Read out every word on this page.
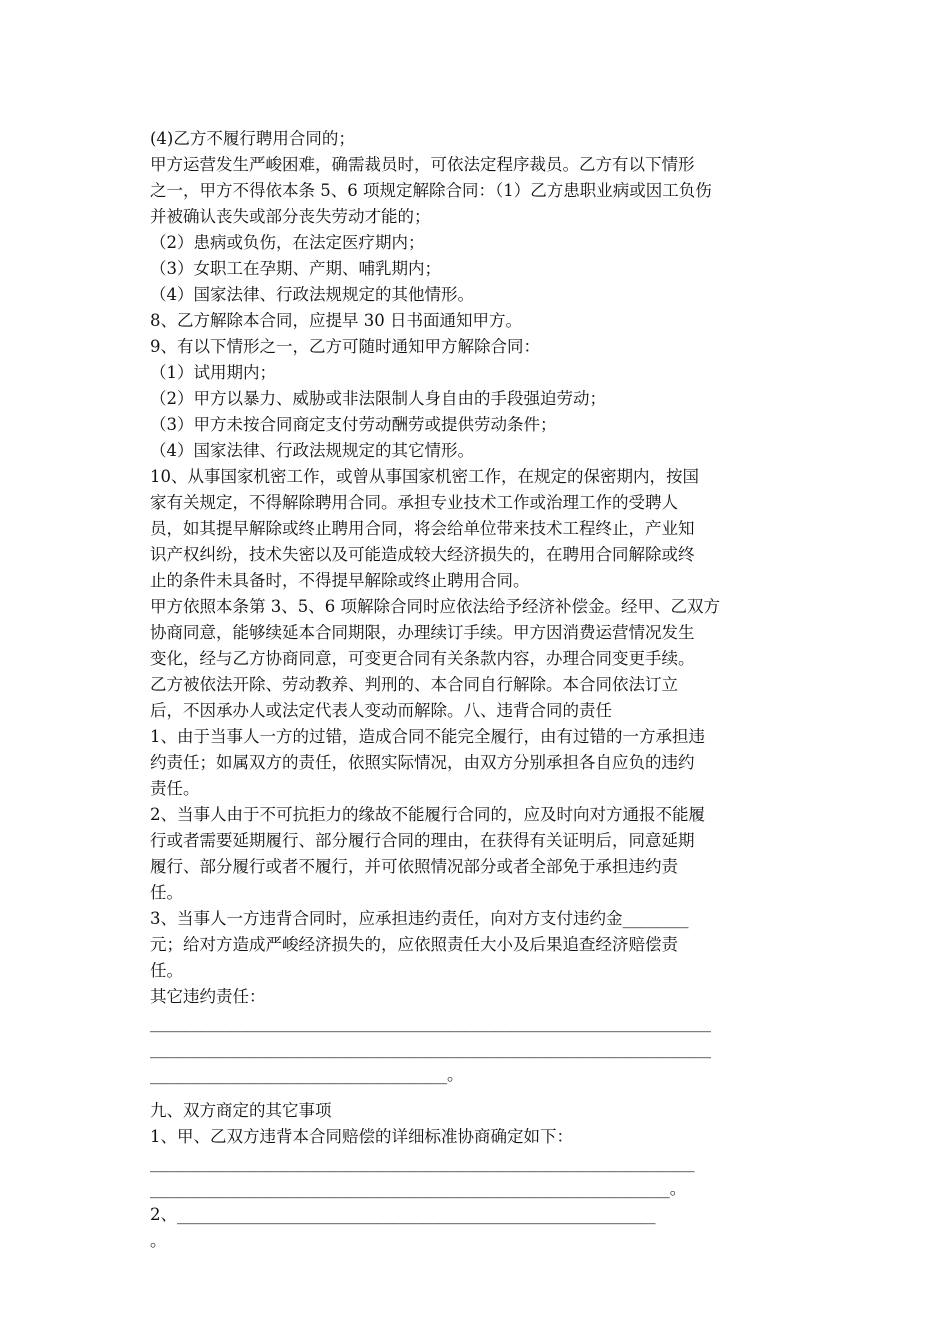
(4)乙方不履行聘用合同的；
甲方运营发生严峻困难，确需裁员时，可依法定程序裁员。乙方有以下情形
之一，甲方不得依本条 5、6 项规定解除合同：（1）乙方患职业病或因工负伤
并被确认丧失或部分丧失劳动才能的；
（2）患病或负伤，在法定医疗期内；
（3）女职工在孕期、产期、哺乳期内；
（4）国家法律、行政法规规定的其他情形。
8、乙方解除本合同，应提早 30 日书面通知甲方。
9、有以下情形之一，乙方可随时通知甲方解除合同：
（1）试用期内；
（2）甲方以暴力、威胁或非法限制人身自由的手段强迫劳动；
（3）甲方未按合同商定支付劳动酬劳或提供劳动条件；
（4）国家法律、行政法规规定的其它情形。
10、从事国家机密工作，或曾从事国家机密工作，在规定的保密期内，按国
家有关规定，不得解除聘用合同。承担专业技术工作或治理工作的受聘人
员，如其提早解除或终止聘用合同，将会给单位带来技术工程终止，产业知
识产权纠纷，技术失密以及可能造成较大经济损失的，在聘用合同解除或终
止的条件未具备时，不得提早解除或终止聘用合同。
甲方依照本条第 3、5、6 项解除合同时应依法给予经济补偿金。经甲、乙双方
协商同意，能够续延本合同期限，办理续订手续。甲方因消费运营情况发生
变化，经与乙方协商同意，可变更合同有关条款内容，办理合同变更手续。
乙方被依法开除、劳动教养、判刑的、本合同自行解除。本合同依法订立
后，不因承办人或法定代表人变动而解除。八、违背合同的责任
1、由于当事人一方的过错，造成合同不能完全履行，由有过错的一方承担违
约责任；如属双方的责任，依照实际情况，由双方分别承担各自应负的违约
责任。
2、当事人由于不可抗拒力的缘故不能履行合同的，应及时向对方通报不能履
行或者需要延期履行、部分履行合同的理由，在获得有关证明后，同意延期
履行、部分履行或者不履行，并可依照情况部分或者全部免于承担违约责
任。
3、当事人一方违背合同时，应承担违约责任，向对方支付违约金________
元；给对方造成严峻经济损失的，应依照责任大小及后果追查经济赔偿责
任。
其它违约责任：
____________________________________________________________________
____________________________________________________________________
____________________________________。
九、双方商定的其它事项
1、甲、乙双方违背本合同赔偿的详细标准协商确定如下：
__________________________________________________________________
_______________________________________________________________。
2、__________________________________________________________
。
